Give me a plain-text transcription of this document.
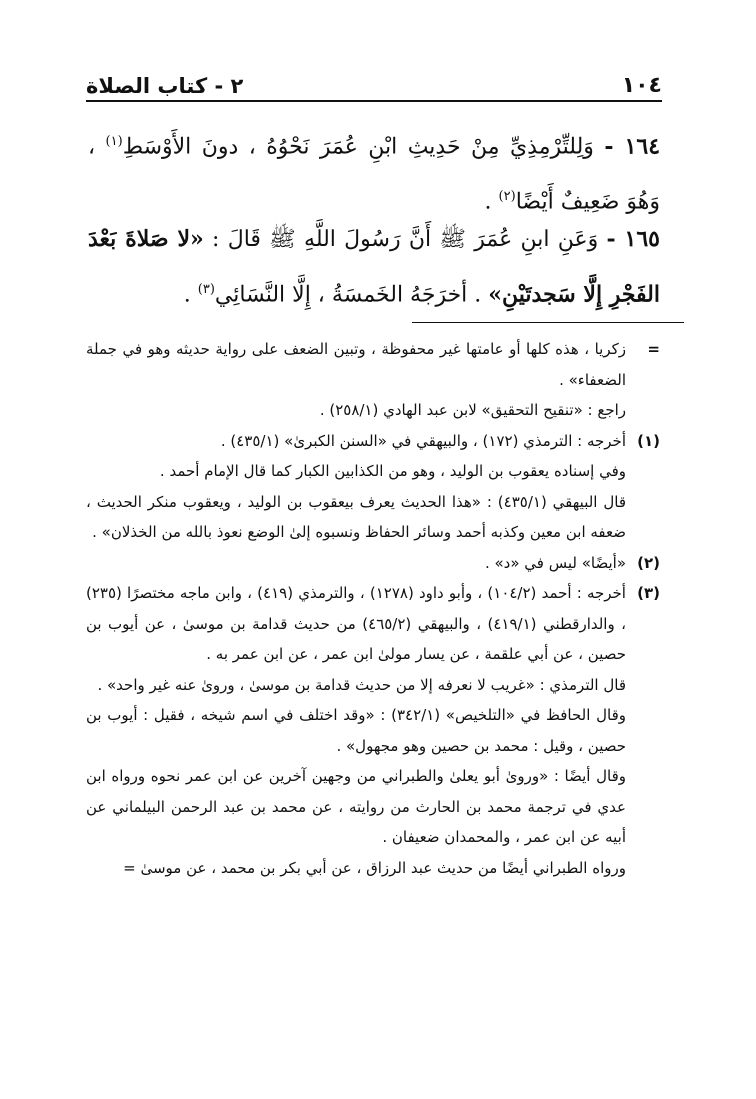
١٠٤
٢ - كتاب الصلاة
١٦٤ - وَلِلتِّرْمِذِيِّ مِنْ حَدِيثِ ابْنِ عُمَرَ نَحْوُهُ ، دونَ الأَوْسَطِ$^{(١)}$ ، وَهُوَ ضَعِيفٌ أَيْضًا$^{(٢)}$ .
١٦٥ - وَعَنِ ابنِ عُمَرَ ﷺ أَنَّ رَسُولَ اللَّهِ ﷺ قَالَ : «لا صَلاةَ بَعْدَ الفَجْرِ إِلَّا سَجدتَيْنِ» . أخرَجَهُ الخَمسَةُ ، إِلَّا النَّسَائِي$^{(٣)}$ .
=
زكريا ، هذه كلها أو عامتها غير محفوظة ، وتبين الضعف على رواية حديثه وهو في جملة الضعفاء» .
راجع : «تنقيح التحقيق» لابن عبد الهادي (٢٥٨/١) .
(١)
أخرجه : الترمذي (١٧٢) ، والبيهقي في «السنن الكبرىٰ» (٤٣٥/١) .
وفي إسناده يعقوب بن الوليد ، وهو من الكذابين الكبار كما قال الإمام أحمد .
قال البيهقي (٤٣٥/١) : «هذا الحديث يعرف بيعقوب بن الوليد ، ويعقوب منكر الحديث ، ضعفه ابن معين وكذبه أحمد وسائر الحفاظ ونسبوه إلىٰ الوضع نعوذ بالله من الخذلان» .
(٢)
«أيضًا» ليس في «د» .
(٣)
أخرجه : أحمد (١٠٤/٢) ، وأبو داود (١٢٧٨) ، والترمذي (٤١٩) ، وابن ماجه مختصرًا (٢٣٥) ، والدارقطني (٤١٩/١) ، والبيهقي (٤٦٥/٢) من حديث قدامة بن موسىٰ ، عن أيوب بن حصين ، عن أبي علقمة ، عن يسار مولىٰ ابن عمر ، عن ابن عمر به .
قال الترمذي : «غريب لا نعرفه إلا من حديث قدامة بن موسىٰ ، وروىٰ عنه غير واحد» .
وقال الحافظ في «التلخيص» (٣٤٢/١) : «وقد اختلف في اسم شيخه ، فقيل : أيوب بن حصين ، وقيل : محمد بن حصين وهو مجهول» .
وقال أيضًا : «ورویٰ أبو يعلىٰ والطبراني من وجهين آخرين عن ابن عمر نحوه ورواه ابن عدي في ترجمة محمد بن الحارث من روايته ، عن محمد بن عبد الرحمن البيلماني عن أبيه عن ابن عمر ، والمحمدان ضعيفان .
ورواه الطبراني أيضًا من حديث عبد الرزاق ، عن أبي بكر بن محمد ، عن موسىٰ =
